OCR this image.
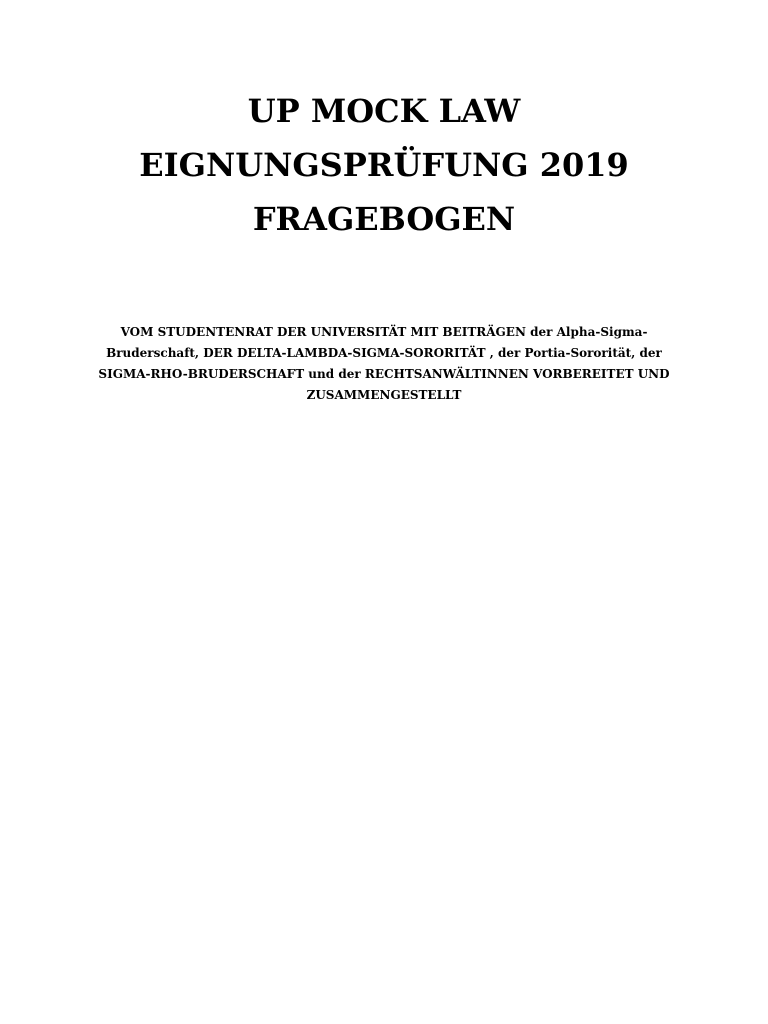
UP MOCK LAW
EIGNUNGSPRÜFUNG 2019
FRAGEBOGEN
VOM STUDENTENRAT DER UNIVERSITÄT MIT BEITRÄGEN der Alpha-Sigma-
Bruderschaft, DER DELTA-LAMBDA-SIGMA-SORORITÄT , der Portia-Sororität, der
SIGMA-RHO-BRUDERSCHAFT und der RECHTSANWÄLTINNEN VORBEREITET UND
ZUSAMMENGESTELLT
